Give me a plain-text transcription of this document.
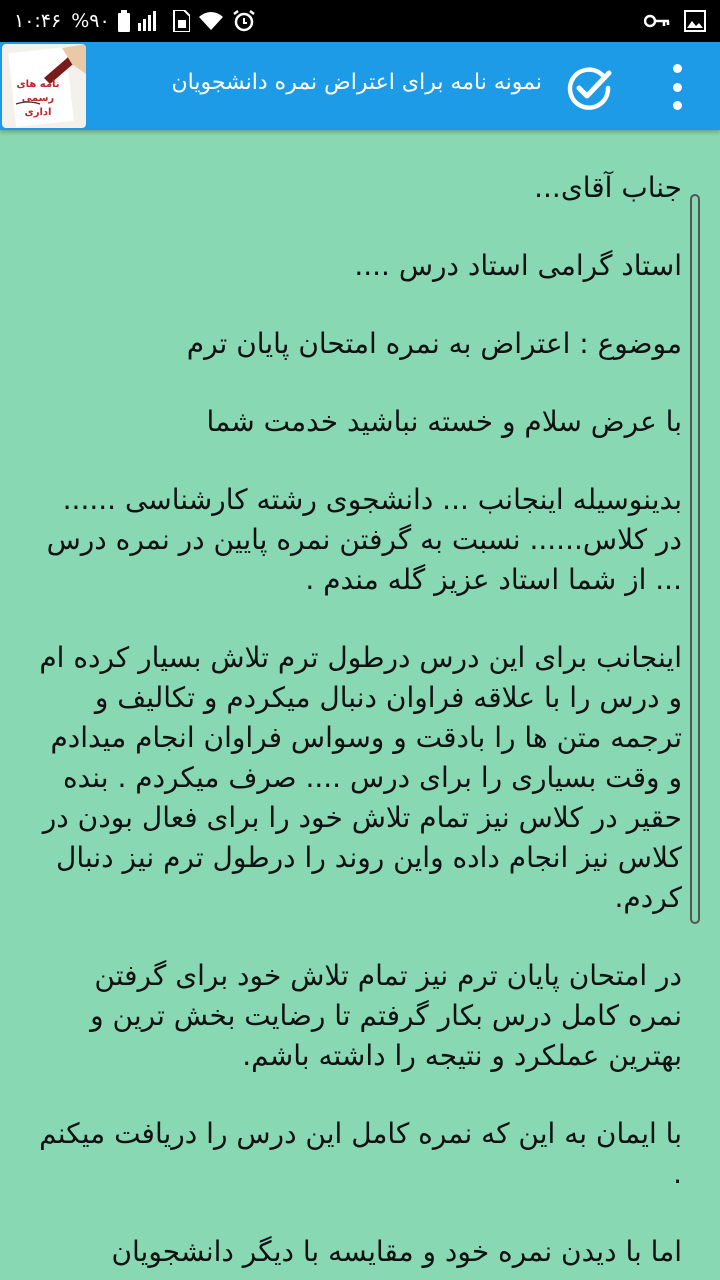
۱۰:۴۶ %۹۰
نامه های
رسمی اداری
نمونه نامه برای اعتراض نمره دانشجویان

جناب آقای...

استاد گرامی استاد درس ....

موضوع : اعتراض به نمره امتحان پایان ترم

با عرض سلام و خسته نباشید خدمت شما

بدینوسیله اینجانب ... دانشجوی رشته کارشناسی ...... در کلاس...... نسبت به گرفتن نمره پایین در نمره درس ... از شما استاد عزیز گله مندم .

اینجانب برای این درس درطول ترم تلاش بسیار کرده ام و درس را با علاقه فراوان دنبال میکردم و تکالیف و ترجمه متن ها را بادقت و وسواس فراوان انجام میدادم و وقت بسیاری را برای درس .... صرف میکردم . بنده حقیر در کلاس نیز تمام تلاش خود را برای فعال بودن در کلاس نیز انجام داده واین روند را درطول ترم نیز دنبال کردم.

در امتحان پایان ترم نیز تمام تلاش خود برای گرفتن نمره کامل درس بکار گرفتم تا رضایت بخش ترین و بهترین عملکرد و نتیجه را داشته باشم.

با ایمان به این که نمره کامل این درس را دریافت میکنم .

اما با دیدن نمره خود و مقایسه با دیگر دانشجویان
